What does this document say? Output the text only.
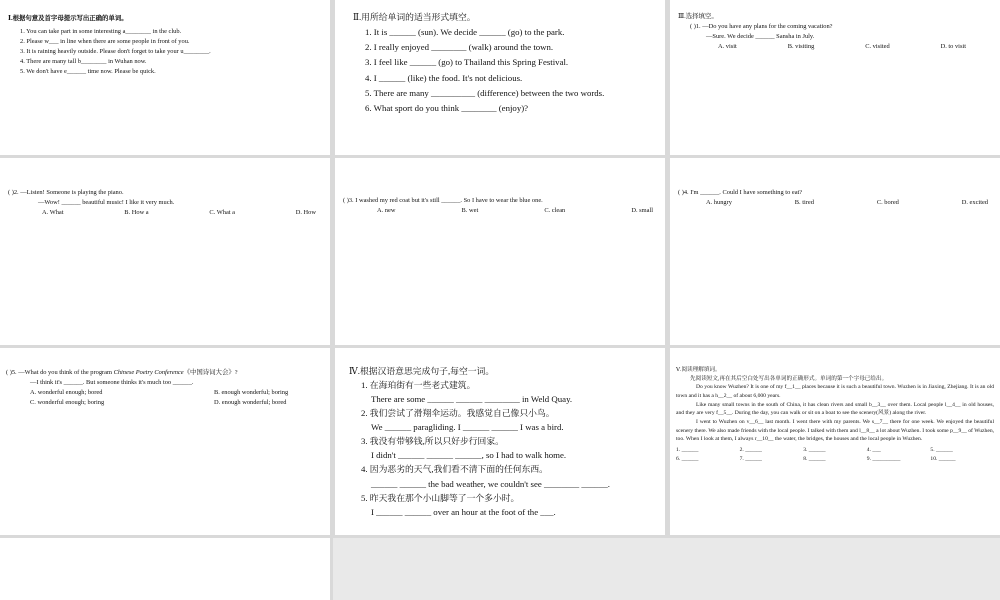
Ⅰ.根据句意及首字母提示写出正确的单词。
1. You can take part in some interesting a________ in the club.
2. Please w___ in line when there are some people in front of you.
3. It is raining heavily outside. Please don't forget to take your u________.
4. There are many tall b________ in Wuhan now.
5. We don't have e______ time now. Please be quick.
Ⅱ.用所给单词的适当形式填空。
1. It is ______ (sun). We decide ______ (go) to the park.
2. I really enjoyed ________ (walk) around the town.
3. I feel like ______ (go) to Thailand this Spring Festival.
4. I ______ (like) the food. It's not delicious.
5. There are many __________ (difference) between the two words.
6. What sport do you think ________ (enjoy)?
Ⅲ.选择填空。
( )1. —Do you have any plans for the coming vacation?
—Sure. We decide ______ Sansha in July.
A. visit	B. visiting	C. visited	D. to visit
( )2. —Listen! Someone is playing the piano.
—Wow! ______ beautiful music! I like it very much.
A. What	B. How a	C. What a	D. How
( )3. I washed my red coat but it's still ______. So I have to wear the blue one.
A. new	B. wet	C. clean	D. small
( )4. I'm ______. Could I have something to eat?
A. hungry	B. tired	C. bored	D. excited
( )5. —What do you think of the program Chinese Poetry Conference《中国诗词大会》?
—I think it's ______. But someone thinks it's much too ______.
A. wonderful enough; bored	B. enough wonderful; boring
C. wonderful enough; boring	D. enough wonderful; bored
Ⅳ.根据汉语意思完成句子,每空一词。
1. 在海珀街有一些老式建筑。
There are some ______ ______ ________ in Weld Quay.
2. 我们尝试了滑翔伞运动。我感觉自己像只小鸟。
We ______ paragliding. I ______ ______ I was a bird.
3. 我没有带够钱,所以只好步行回家。
I didn't ______ ______ ______, so I had to walk home.
4. 因为恶劣的天气,我们看不清下面的任何东西。
______ ______ the bad weather, we couldn't see ________ ______.
5. 昨天我在那个小山脚等了一个多小时。
I ______ ______ over an hour at the foot of the ___.
Ⅴ.阅读理解填词。
先阅读短文,再在其后空白处写出各单词的正确形式。单词的第一个字母已给出。
Do you know Wuzhen? It is one of my f__1__ places because it is such a beautiful town. Wuzhen is in Jiaxing, Zhejiang. It is an old town and it has a h__2__ of about 6,000 years.
Like many small towns in the south of China, it has clean rivers and small b__3__ over them. Local people l__4__ in old houses, and they are very f__5__. During the day, you can walk or sit on a boat to see the scenery(风景) along the river.
I went to Wuzhen on v__6__ last month. I went there with my parents. We s__7__ there for one week. We enjoyed the beautiful scenery there. We also made friends with the local people. I talked with them and l__8__ a lot about Wuzhen. I took some p__9__ of Wuzhen, too. When I look at them, I always r__10__ the water, the bridges, the houses and the local people in Wuzhen.
1. ______	2. ______	3. ______	4. ___	5. ______
6. ______	7. ______	8. ______	9. __________	10. ______
